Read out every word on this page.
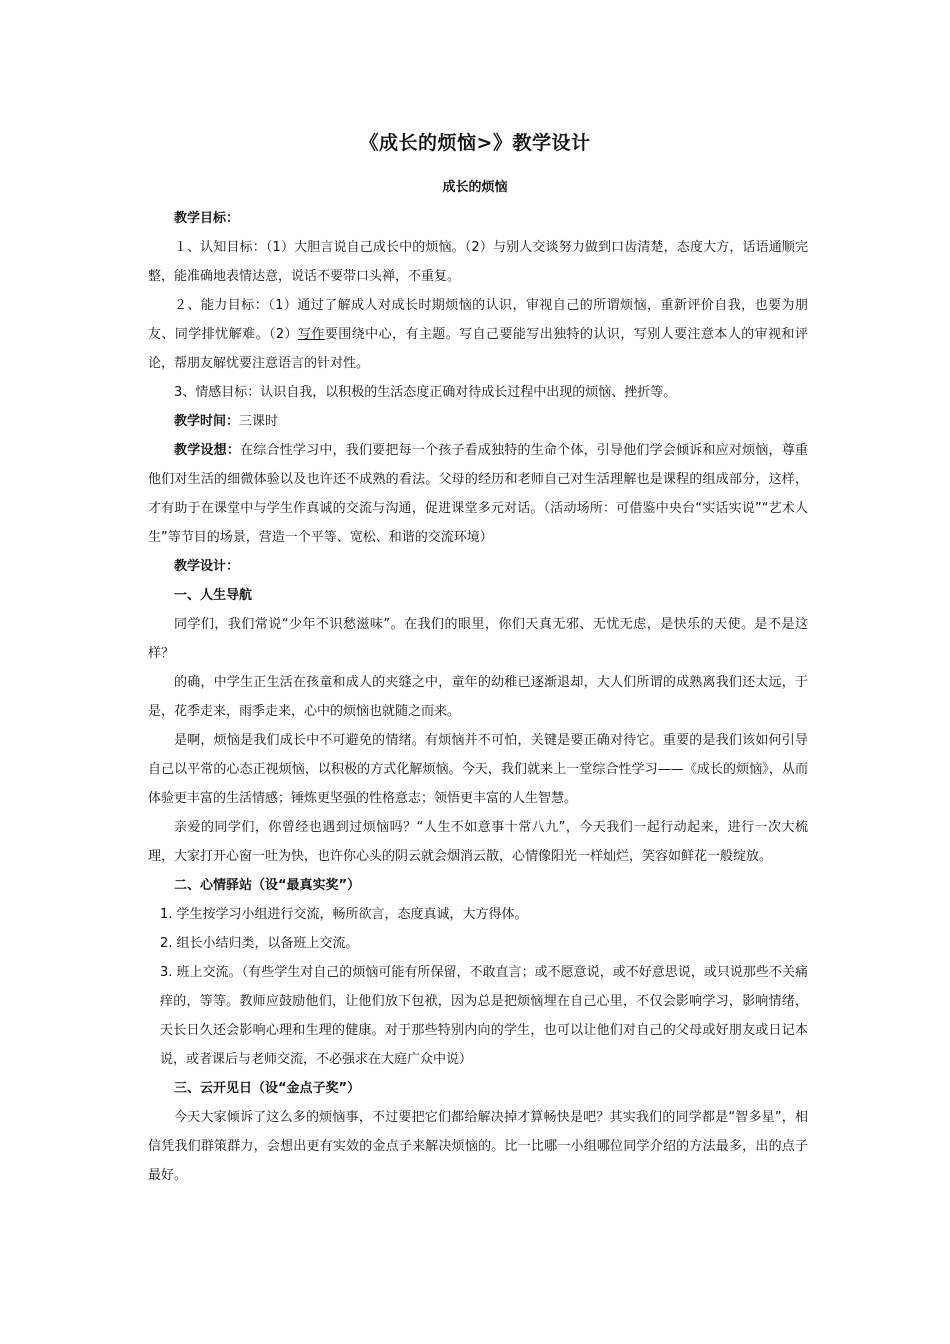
《成长的烦恼>》教学设计
成长的烦恼

教学目标：

１、认知目标：（1）大胆言说自己成长中的烦恼。（2）与别人交谈努力做到口齿清楚，态度大方，话语通顺完整，能准确地表情达意，说话不要带口头禅，不重复。

２、能力目标：（1）通过了解成人对成长时期烦恼的认识，审视自己的所谓烦恼，重新评价自我，也要为朋友、同学排忧解难。（2）写作要围绕中心，有主题。写自己要能写出独特的认识，写别人要注意本人的审视和评论，帮朋友解忧要注意语言的针对性。

3、情感目标：认识自我，以积极的生活态度正确对待成长过程中出现的烦恼、挫折等。

教学时间：三课时

教学设想：在综合性学习中，我们要把每一个孩子看成独特的生命个体，引导他们学会倾诉和应对烦恼，尊重他们对生活的细微体验以及也许还不成熟的看法。父母的经历和老师自己对生活理解也是课程的组成部分，这样，才有助于在课堂中与学生作真诚的交流与沟通，促进课堂多元对话。（活动场所：可借鉴中央台“实话实说”“艺术人生”等节目的场景，营造一个平等、宽松、和谐的交流环境）

教学设计：

一、人生导航

同学们，我们常说“少年不识愁滋味”。在我们的眼里，你们天真无邪、无忧无虑，是快乐的天使。是不是这样？

的确，中学生正生活在孩童和成人的夹缝之中，童年的幼稚已逐渐退却，大人们所谓的成熟离我们还太远，于是，花季走来，雨季走来，心中的烦恼也就随之而来。

是啊，烦恼是我们成长中不可避免的情绪。有烦恼并不可怕，关键是要正确对待它。重要的是我们该如何引导自己以平常的心态正视烦恼，以积极的方式化解烦恼。今天，我们就来上一堂综合性学习——《成长的烦恼》，从而体验更丰富的生活情感；锤炼更坚强的性格意志；领悟更丰富的人生智慧。

亲爱的同学们，你曾经也遇到过烦恼吗？“人生不如意事十常八九”，今天我们一起行动起来，进行一次大梳理，大家打开心窗一吐为快，也许你心头的阴云就会烟消云散，心情像阳光一样灿烂，笑容如鲜花一般绽放。

二、心情驿站（设“最真实奖”）

1. 学生按学习小组进行交流，畅所欲言，态度真诚，大方得体。

2. 组长小结归类，以备班上交流。

3. 班上交流。（有些学生对自己的烦恼可能有所保留，不敢直言；或不愿意说，或不好意思说，或只说那些不关痛痒的，等等。教师应鼓励他们，让他们放下包袱，因为总是把烦恼埋在自己心里，不仅会影响学习，影响情绪，天长日久还会影响心理和生理的健康。对于那些特别内向的学生，也可以让他们对自己的父母或好朋友或日记本说，或者课后与老师交流，不必强求在大庭广众中说）

三、云开见日（设“金点子奖”）

今天大家倾诉了这么多的烦恼事，不过要把它们都给解决掉才算畅快是吧？其实我们的同学都是“智多星”，相信凭我们群策群力，会想出更有实效的金点子来解决烦恼的。比一比哪一小组哪位同学介绍的方法最多，出的点子最好。
